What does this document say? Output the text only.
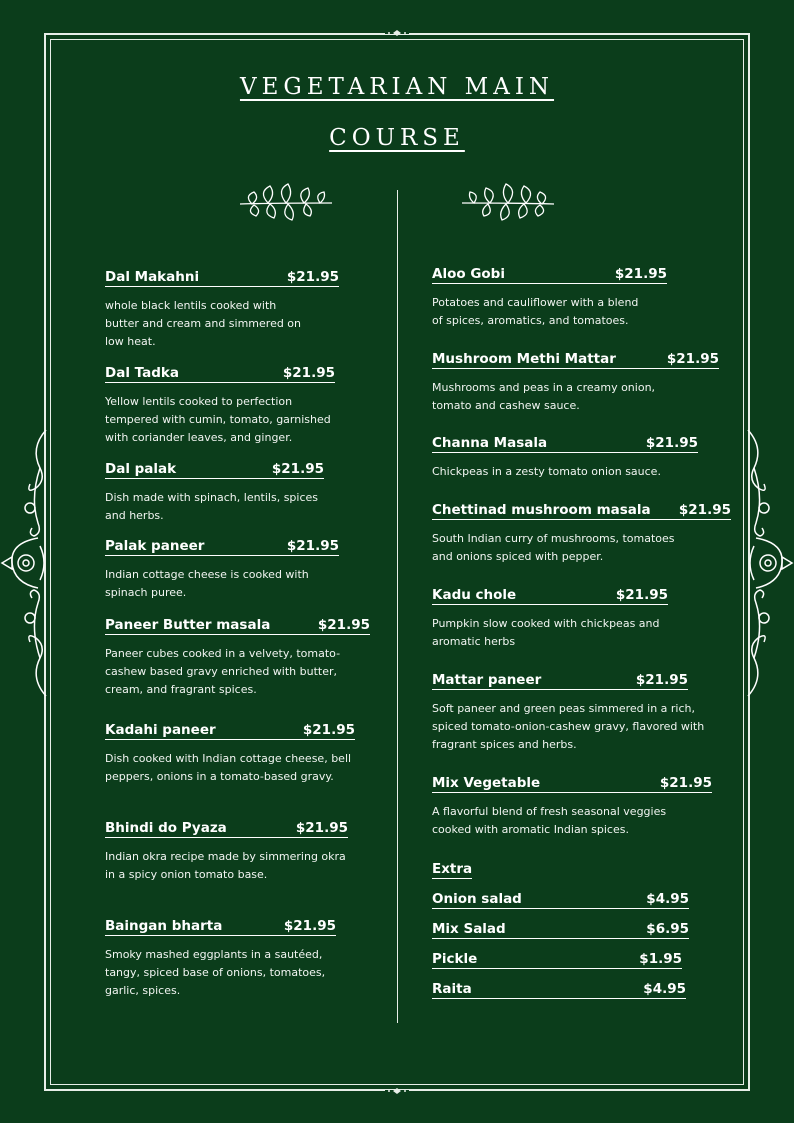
VEGETARIAN MAIN
COURSE
Dal Makahni	$21.95
whole black lentils cooked with
butter and cream and simmered on
low heat.
Dal Tadka	$21.95
Yellow lentils cooked to perfection
tempered with cumin, tomato, garnished
with coriander leaves, and ginger.
Dal palak	$21.95
Dish made with spinach, lentils, spices
and herbs.
Palak paneer	$21.95
Indian cottage cheese is cooked with
spinach puree.
Paneer Butter masala	$21.95
Paneer cubes cooked in a velvety, tomato-
cashew based gravy enriched with butter,
cream, and fragrant spices.
Kadahi paneer	$21.95
Dish cooked with Indian cottage cheese, bell
peppers, onions in a tomato-based gravy.
Bhindi do Pyaza	$21.95
Indian okra recipe made by simmering okra
in a spicy onion tomato base.
Baingan bharta	$21.95
Smoky mashed eggplants in a sautéed,
tangy, spiced base of onions, tomatoes,
garlic, spices.
Aloo Gobi	$21.95
Potatoes and cauliflower with a blend
of spices, aromatics, and tomatoes.
Mushroom Methi Mattar	$21.95
Mushrooms and peas in a creamy onion,
tomato and cashew sauce.
Channa Masala	$21.95
Chickpeas in a zesty tomato onion sauce.
Chettinad mushroom masala $21.95
South Indian curry of mushrooms, tomatoes
and onions spiced with pepper.
Kadu chole	$21.95
Pumpkin slow cooked with chickpeas and
aromatic herbs
Mattar paneer	$21.95
Soft paneer and green peas simmered in a rich,
spiced tomato-onion-cashew gravy, flavored with
fragrant spices and herbs.
Mix Vegetable	$21.95
A flavorful blend of fresh seasonal veggies
cooked with aromatic Indian spices.
Extra
Onion salad	$4.95
Mix Salad	$6.95
Pickle	$1.95
Raita	$4.95
